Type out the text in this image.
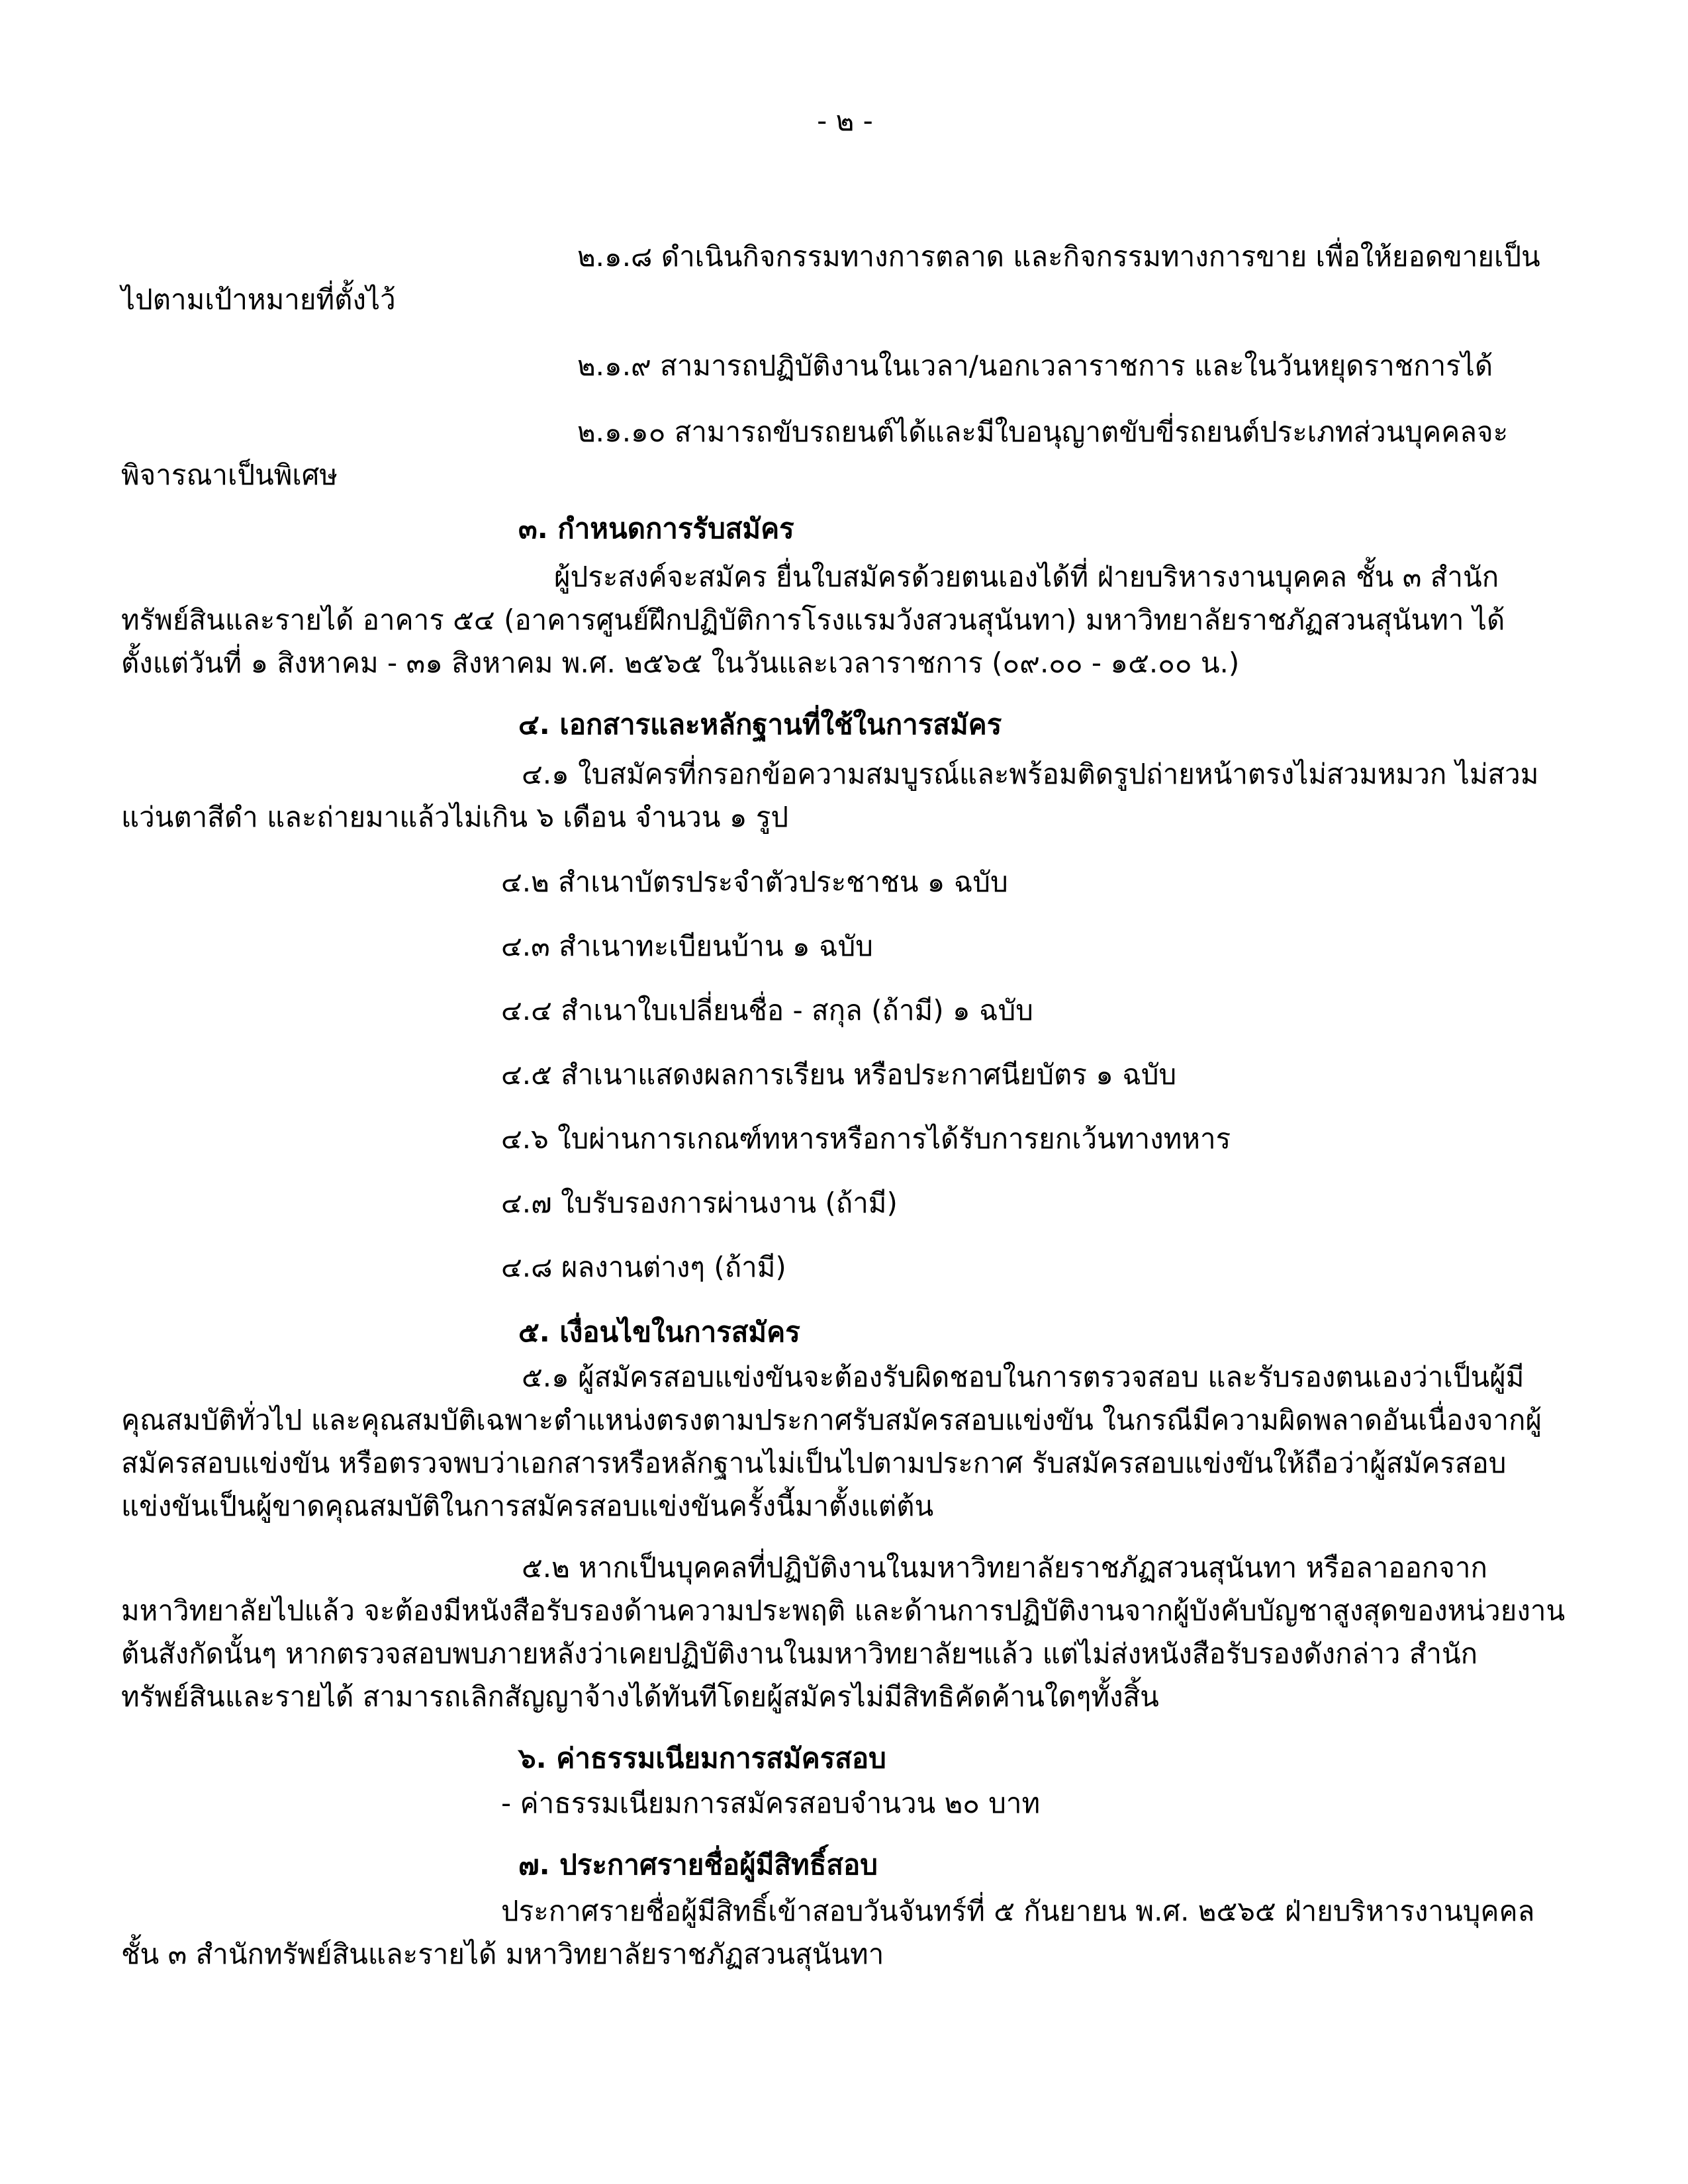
- ๒ -

๒.๑.๘ ดำเนินกิจกรรมทางการตลาด และกิจกรรมทางการขาย เพื่อให้ยอดขายเป็นไปตามเป้าหมายที่ตั้งไว้

๒.๑.๙ สามารถปฏิบัติงานในเวลา/นอกเวลาราชการ และในวันหยุดราชการได้

๒.๑.๑๐ สามารถขับรถยนต์ได้และมีใบอนุญาตขับขี่รถยนต์ประเภทส่วนบุคคลจะพิจารณาเป็นพิเศษ

๓. กำหนดการรับสมัคร

ผู้ประสงค์จะสมัคร ยื่นใบสมัครด้วยตนเองได้ที่ ฝ่ายบริหารงานบุคคล ชั้น ๓ สำนักทรัพย์สินและรายได้ อาคาร ๕๔ (อาคารศูนย์ฝึกปฏิบัติการโรงแรมวังสวนสุนันทา) มหาวิทยาลัยราชภัฏสวนสุนันทา ได้ตั้งแต่วันที่ ๑ สิงหาคม - ๓๑ สิงหาคม พ.ศ. ๒๕๖๕ ในวันและเวลาราชการ (๐๙.๐๐ - ๑๕.๐๐ น.)

๔. เอกสารและหลักฐานที่ใช้ในการสมัคร

๔.๑ ใบสมัครที่กรอกข้อความสมบูรณ์และพร้อมติดรูปถ่ายหน้าตรงไม่สวมหมวก ไม่สวมแว่นตาสีดำ และถ่ายมาแล้วไม่เกิน ๖ เดือน จำนวน ๑ รูป

๔.๒ สำเนาบัตรประจำตัวประชาชน ๑ ฉบับ

๔.๓ สำเนาทะเบียนบ้าน ๑ ฉบับ

๔.๔ สำเนาใบเปลี่ยนชื่อ - สกุล (ถ้ามี) ๑ ฉบับ

๔.๕ สำเนาแสดงผลการเรียน หรือประกาศนียบัตร ๑ ฉบับ

๔.๖ ใบผ่านการเกณฑ์ทหารหรือการได้รับการยกเว้นทางทหาร

๔.๗ ใบรับรองการผ่านงาน (ถ้ามี)

๔.๘ ผลงานต่างๆ (ถ้ามี)

๕. เงื่อนไขในการสมัคร

๕.๑ ผู้สมัครสอบแข่งขันจะต้องรับผิดชอบในการตรวจสอบ และรับรองตนเองว่าเป็นผู้มีคุณสมบัติทั่วไป และคุณสมบัติเฉพาะตำแหน่งตรงตามประกาศรับสมัครสอบแข่งขัน ในกรณีมีความผิดพลาดอันเนื่องจากผู้สมัครสอบแข่งขัน หรือตรวจพบว่าเอกสารหรือหลักฐานไม่เป็นไปตามประกาศ รับสมัครสอบแข่งขันให้ถือว่าผู้สมัครสอบแข่งขันเป็นผู้ขาดคุณสมบัติในการสมัครสอบแข่งขันครั้งนี้มาตั้งแต่ต้น

๕.๒ หากเป็นบุคคลที่ปฏิบัติงานในมหาวิทยาลัยราชภัฏสวนสุนันทา หรือลาออกจากมหาวิทยาลัยไปแล้ว จะต้องมีหนังสือรับรองด้านความประพฤติ และด้านการปฏิบัติงานจากผู้บังคับบัญชาสูงสุดของหน่วยงานต้นสังกัดนั้นๆ หากตรวจสอบพบภายหลังว่าเคยปฏิบัติงานในมหาวิทยาลัยฯแล้ว แต่ไม่ส่งหนังสือรับรองดังกล่าว สำนักทรัพย์สินและรายได้ สามารถเลิกสัญญาจ้างได้ทันทีโดยผู้สมัครไม่มีสิทธิคัดค้านใดๆทั้งสิ้น

๖. ค่าธรรมเนียมการสมัครสอบ

- ค่าธรรมเนียมการสมัครสอบจำนวน ๒๐ บาท

๗. ประกาศรายชื่อผู้มีสิทธิ์สอบ

ประกาศรายชื่อผู้มีสิทธิ์เข้าสอบวันจันทร์ที่ ๕ กันยายน พ.ศ. ๒๕๖๕ ฝ่ายบริหารงานบุคคล ชั้น ๓ สำนักทรัพย์สินและรายได้ มหาวิทยาลัยราชภัฏสวนสุนันทา
